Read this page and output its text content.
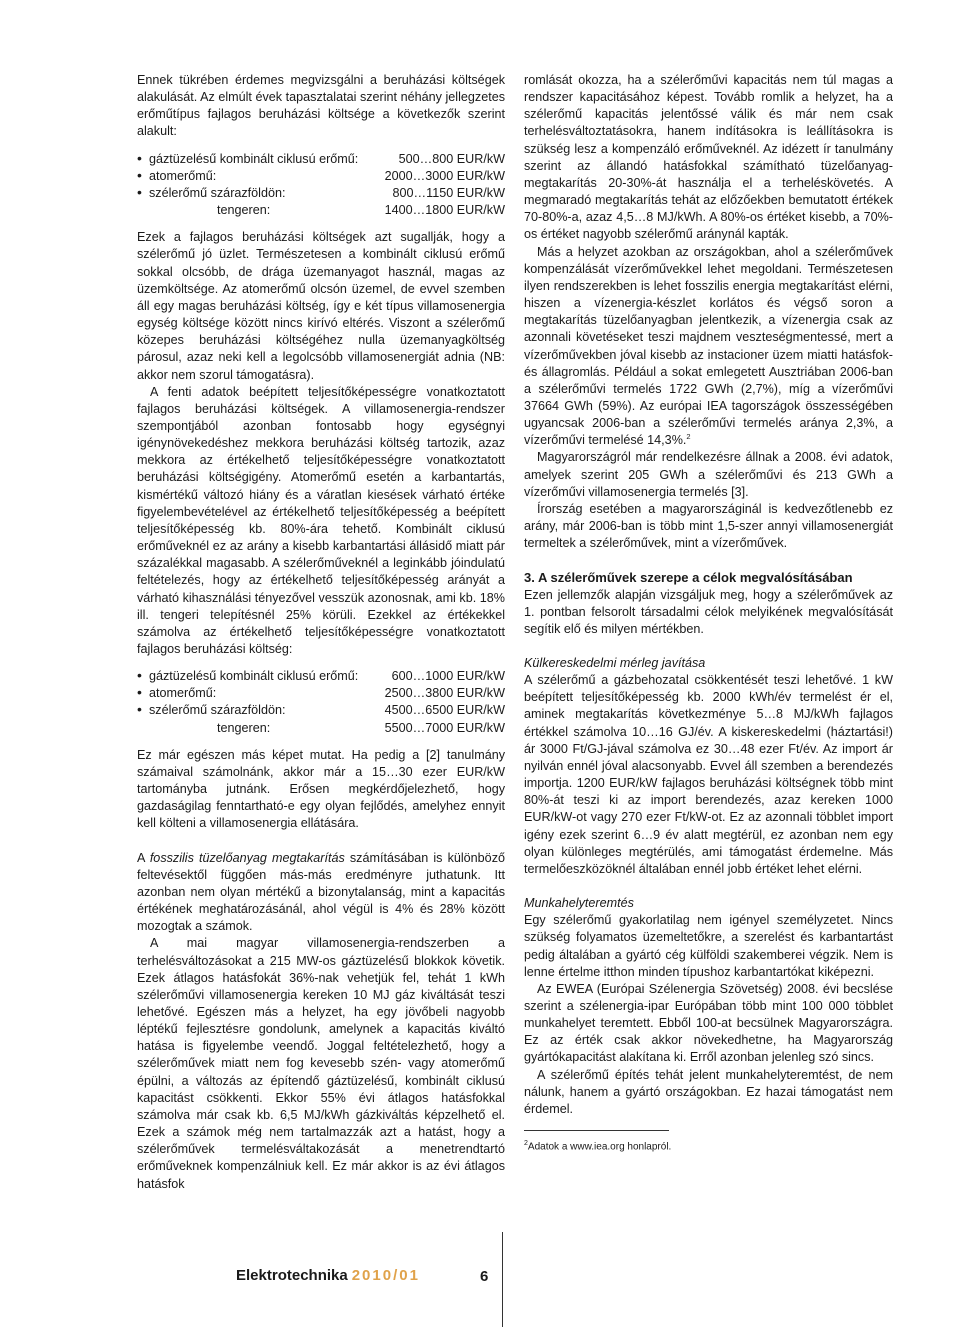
Ennek tükrében érdemes megvizsgálni a beruházási költségek alakulását. Az elmúlt évek tapasztalatai szerint néhány jellegzetes erőműtípus fajlagos beruházási költsége a következők szerint alakult:

• gáztüzelésű kombinált ciklusú erőmű:	500…800 EUR/kW
• atomerőmű:	2000…3000 EUR/kW
• szélerőmű szárazföldön:	800…1150 EUR/kW
tengeren:	1400…1800 EUR/kW

Ezek a fajlagos beruházási költségek azt sugallják, hogy a szélerőmű jó üzlet. Természetesen a kombinált ciklusú erőmű sokkal olcsóbb, de drága üzemanyagot használ, magas az üzemköltsége. Az atomerőmű olcsón üzemel, de evvel szemben áll egy magas beruházási költség, így e két típus villamosenergia egység költsége között nincs kirívó eltérés. Viszont a szélerőmű közepes beruházási költségéhez nulla üzemanyagköltség párosul, azaz neki kell a legolcsóbb villamosenergiát adnia (NB: akkor nem szorul támogatásra).

A fenti adatok beépített teljesítőképességre vonatkoztatott fajlagos beruházási költségek. A villamosenergia-rendszer szempontjából azonban fontosabb hogy egységnyi igénynövekedéshez mekkora beruházási költség tartozik, azaz mekkora az értékelhető teljesítőképességre vonatkoztatott beruházási költségigény. Atomerőmű esetén a karbantartás, kismértékű változó hiány és a váratlan kiesések várható értéke figyelembevételével az értékelhető teljesítőképesség a beépített teljesítőképesség kb. 80%-ára tehető. Kombinált ciklusú erőműveknél ez az arány a kisebb karbantartási állásidő miatt pár százalékkal magasabb. A szélerőműveknél a leginkább jóindulatú feltételezés, hogy az értékelhető teljesítőképesség arányát a várható kihasználási tényezővel vesszük azonosnak, ami kb. 18% ill. tengeri telepítésnél 25% körüli. Ezekkel az értékekkel számolva az értékelhető teljesítőképességre vonatkoztatott fajlagos beruházási költség:

• gáztüzelésű kombinált ciklusú erőmű:	600…1000 EUR/kW
• atomerőmű:	2500…3800 EUR/kW
• szélerőmű szárazföldön:	4500…6500 EUR/kW
tengeren:	5500…7000 EUR/kW

Ez már egészen más képet mutat. Ha pedig a [2] tanulmány számaival számolnánk, akkor már a 15…30 ezer EUR/kW tartományba jutnánk. Erősen megkérdőjelezhető, hogy gazdaságilag fenntartható-e egy olyan fejlődés, amelyhez ennyit kell költeni a villamosenergia ellátására.

A fosszilis tüzelőanyag megtakarítás számításában is különböző feltevésektől függően más-más eredményre juthatunk. Itt azonban nem olyan mértékű a bizonytalanság, mint a kapacitás értékének meghatározásánál, ahol végül is 4% és 28% között mozogtak a számok.

A mai magyar villamosenergia-rendszerben a terhelésváltozásokat a 215 MW-os gáztüzelésű blokkok követik. Ezek átlagos hatásfokát 36%-nak vehetjük fel, tehát 1 kWh szélerőművi villamosenergia kereken 10 MJ gáz kiváltását teszi lehetővé. Egészen más a helyzet, ha egy jövőbeli nagyobb léptékű fejlesztésre gondolunk, amelynek a kapacitás kiváltó hatása is figyelembe veendő. Joggal feltételezhető, hogy a szélerőművek miatt nem fog kevesebb szén- vagy atomerőmű épülni, a változás az építendő gáztüzelésű, kombinált ciklusú kapacitást csökkenti. Ekkor 55% évi átlagos hatásfokkal számolva már csak kb. 6,5 MJ/kWh gázkiváltás képzelhető el. Ezek a számok még nem tartalmazzák azt a hatást, hogy a szélerőművek termelésváltakozását a menetrendtartó erőműveknek kompenzálniuk kell. Ez már akkor is az évi átlagos hatásfok

romlását okozza, ha a szélerőművi kapacitás nem túl magas a rendszer kapacitásához képest. Tovább romlik a helyzet, ha a szélerőmű kapacitás jelentőssé válik és már nem csak terhelésváltoztatásokra, hanem indításokra is leállításokra is szükség lesz a kompenzáló erőműveknél. Az idézett ír tanulmány szerint az állandó hatásfokkal számítható tüzelőanyag-megtakarítás 20-30%-át használja el a terheléskövetés. A megmaradó megtakarítás tehát az előzőekben bemutatott értékek 70-80%-a, azaz 4,5…8 MJ/kWh. A 80%-os értéket kisebb, a 70%-os értéket nagyobb szélerőmű aránynál kapták.

Más a helyzet azokban az országokban, ahol a szélerőművek kompenzálását vízerőművekkel lehet megoldani. Természetesen ilyen rendszerekben is lehet fosszilis energia megtakarítást elérni, hiszen a vízenergia-készlet korlátos és végső soron a megtakarítás tüzelőanyagban jelentkezik, a vízenergia csak az azonnali követéseket teszi majdnem veszteségmentessé, mert a vízerőművekben jóval kisebb az instacioner üzem miatti hatásfok- és állagromlás. Például a sokat emlegetett Ausztriában 2006-ban a szélerőművi termelés 1722 GWh (2,7%), míg a vízerőművi 37664 GWh (59%). Az európai IEA tagországok összességében ugyancsak 2006-ban a szélerőművi termelés aránya 2,3%, a vízerőművi termelésé 14,3%.$^2$

Magyarországról már rendelkezésre állnak a 2008. évi adatok, amelyek szerint 205 GWh a szélerőművi és 213 GWh a vízerőművi villamosenergia termelés [3].

Írország esetében a magyarországinál is kedvezőtlenebb ez arány, már 2006-ban is több mint 1,5-szer annyi villamosenergiát termeltek a szélerőművek, mint a vízerőművek.

3. A szélerőművek szerepe a célok megvalósításában

Ezen jellemzők alapján vizsgáljuk meg, hogy a szélerőművek az 1. pontban felsorolt társadalmi célok melyikének megvalósítását segítik elő és milyen mértékben.

Külkereskedelmi mérleg javítása

A szélerőmű a gázbehozatal csökkentését teszi lehetővé. 1 kW beépített teljesítőképesség kb. 2000 kWh/év termelést ér el, aminek megtakarítás következménye 5…8 MJ/kWh fajlagos értékkel számolva 10…16 GJ/év. A kiskereskedelmi (háztartási!) ár 3000 Ft/GJ-jával számolva ez 30…48 ezer Ft/év. Az import ár nyilván ennél jóval alacsonyabb. Evvel áll szemben a berendezés importja. 1200 EUR/kW fajlagos beruházási költségnek több mint 80%-át teszi ki az import berendezés, azaz kereken 1000 EUR/kW-ot vagy 270 ezer Ft/kW-ot. Ez az azonnali többlet import igény ezek szerint 6…9 év alatt megtérül, ez azonban nem egy olyan különleges megtérülés, ami támogatást érdemelne. Más termelőeszközöknél általában ennél jobb értéket lehet elérni.

Munkahelyteremtés

Egy szélerőmű gyakorlatilag nem igényel személyzetet. Nincs szükség folyamatos üzemeltetőkre, a szerelést és karbantartást pedig általában a gyártó cég külföldi szakemberei végzik. Nem is lenne értelme itthon minden típushoz karbantartókat kiképezni.

Az EWEA (Európai Szélenergia Szövetség) 2008. évi becslése szerint a szélenergia-ipar Európában több mint 100 000 többlet munkahelyet teremtett. Ebből 100-at becsülnek Magyarországra. Ez az érték csak akkor növekedhetne, ha Magyarország gyártókapacitást alakítana ki. Erről azonban jelenleg szó sincs.

A szélerőmű építés tehát jelent munkahelyteremtést, de nem nálunk, hanem a gyártó országokban. Ez hazai támogatást nem érdemel.

$^2$Adatok a www.iea.org honlapról.

Elektrotechnika 2010/01	6
